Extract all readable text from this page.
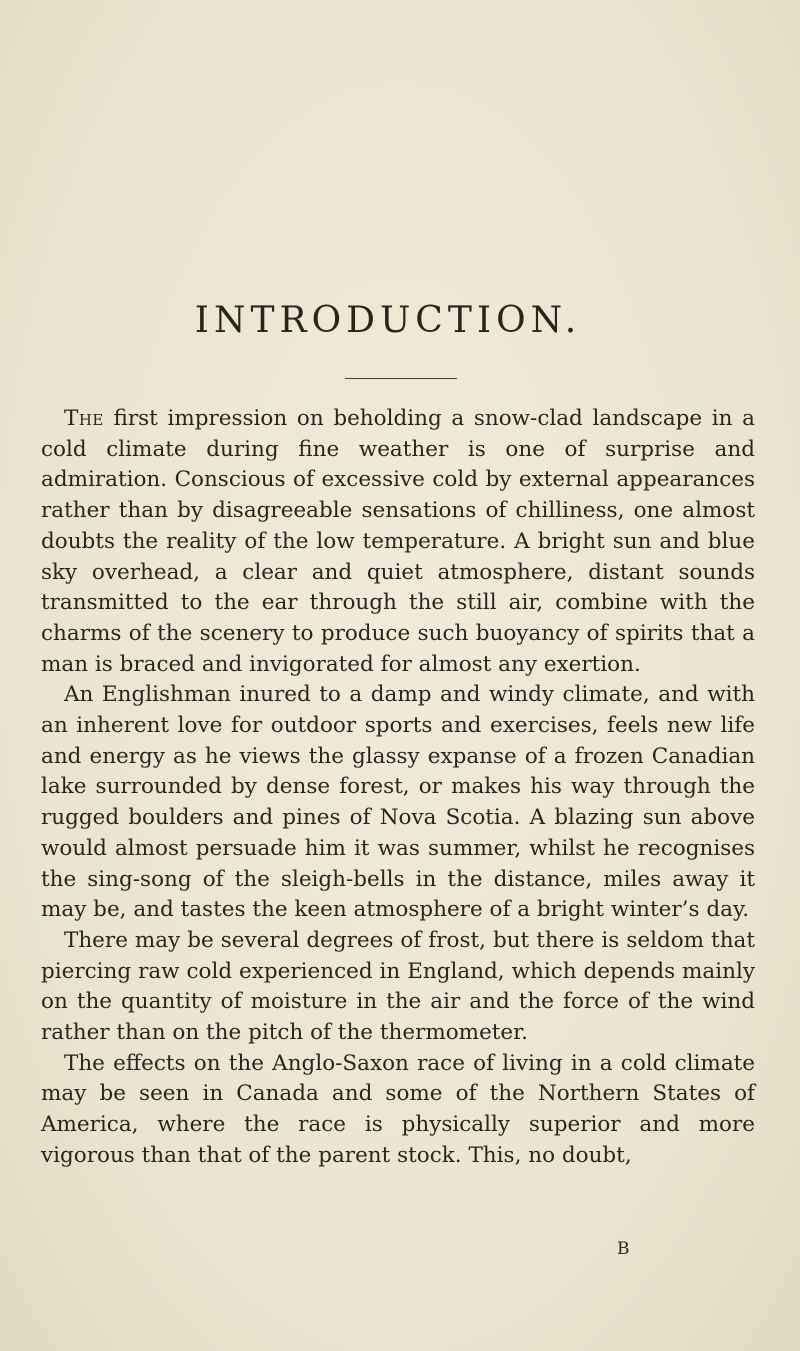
INTRODUCTION.

The first impression on beholding a snow-clad landscape in a cold climate during fine weather is one of surprise and admiration. Conscious of excessive cold by external appearances rather than by disagreeable sensations of chilliness, one almost doubts the reality of the low temperature. A bright sun and blue sky overhead, a clear and quiet atmosphere, distant sounds transmitted to the ear through the still air, combine with the charms of the scenery to produce such buoyancy of spirits that a man is braced and invigorated for almost any exertion.

An Englishman inured to a damp and windy climate, and with an inherent love for outdoor sports and exercises, feels new life and energy as he views the glassy expanse of a frozen Canadian lake surrounded by dense forest, or makes his way through the rugged boulders and pines of Nova Scotia. A blazing sun above would almost persuade him it was summer, whilst he recognises the sing-song of the sleigh-bells in the distance, miles away it may be, and tastes the keen atmosphere of a bright winter’s day.

There may be several degrees of frost, but there is seldom that piercing raw cold experienced in England, which depends mainly on the quantity of moisture in the air and the force of the wind rather than on the pitch of the thermometer.

The effects on the Anglo-Saxon race of living in a cold climate may be seen in Canada and some of the Northern States of America, where the race is physically superior and more vigorous than that of the parent stock. This, no doubt,

B
